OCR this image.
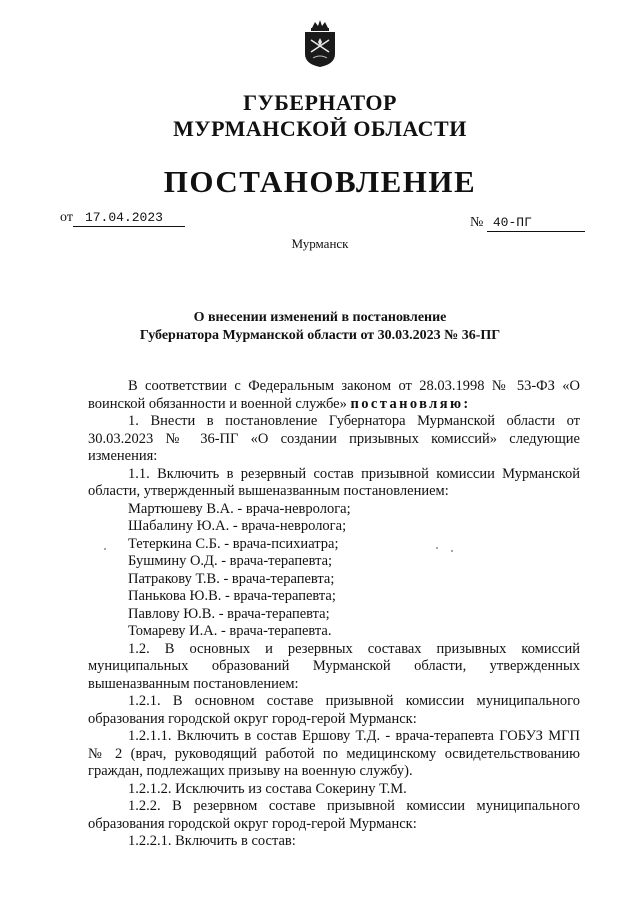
ГУБЕРНАТОР
МУРМАНСКОЙ ОБЛАСТИ
ПОСТАНОВЛЕНИЕ
от 17.04.2023	№ 40-ПГ
Мурманск
О внесении изменений в постановление
Губернатора Мурманской области от 30.03.2023 № 36-ПГ

В соответствии с Федеральным законом от 28.03.1998 № 53-ФЗ «О воинской обязанности и военной службе» постановляю:

1. Внести в постановление Губернатора Мурманской области от 30.03.2023 № 36-ПГ «О создании призывных комиссий» следующие изменения:

1.1. Включить в резервный состав призывной комиссии Мурманской области, утвержденный вышеназванным постановлением:

Мартюшеву В.А. - врача-невролога;
Шабалину Ю.А. - врача-невролога;
Тетеркина С.Б. - врача-психиатра;
Бушмину О.Д. - врача-терапевта;
Патракову Т.В. - врача-терапевта;
Панькова Ю.В. - врача-терапевта;
Павлову Ю.В. - врача-терапевта;
Томареву И.А. - врача-терапевта.

1.2. В основных и резервных составах призывных комиссий муниципальных образований Мурманской области, утвержденных вышеназванным постановлением:

1.2.1. В основном составе призывной комиссии муниципального образования городской округ город-герой Мурманск:

1.2.1.1. Включить в состав Ершову Т.Д. - врача-терапевта ГОБУЗ МГП № 2 (врач, руководящий работой по медицинскому освидетельствованию граждан, подлежащих призыву на военную службу).

1.2.1.2. Исключить из состава Сокерину Т.М.

1.2.2. В резервном составе призывной комиссии муниципального образования городской округ город-герой Мурманск:

1.2.2.1. Включить в состав:
